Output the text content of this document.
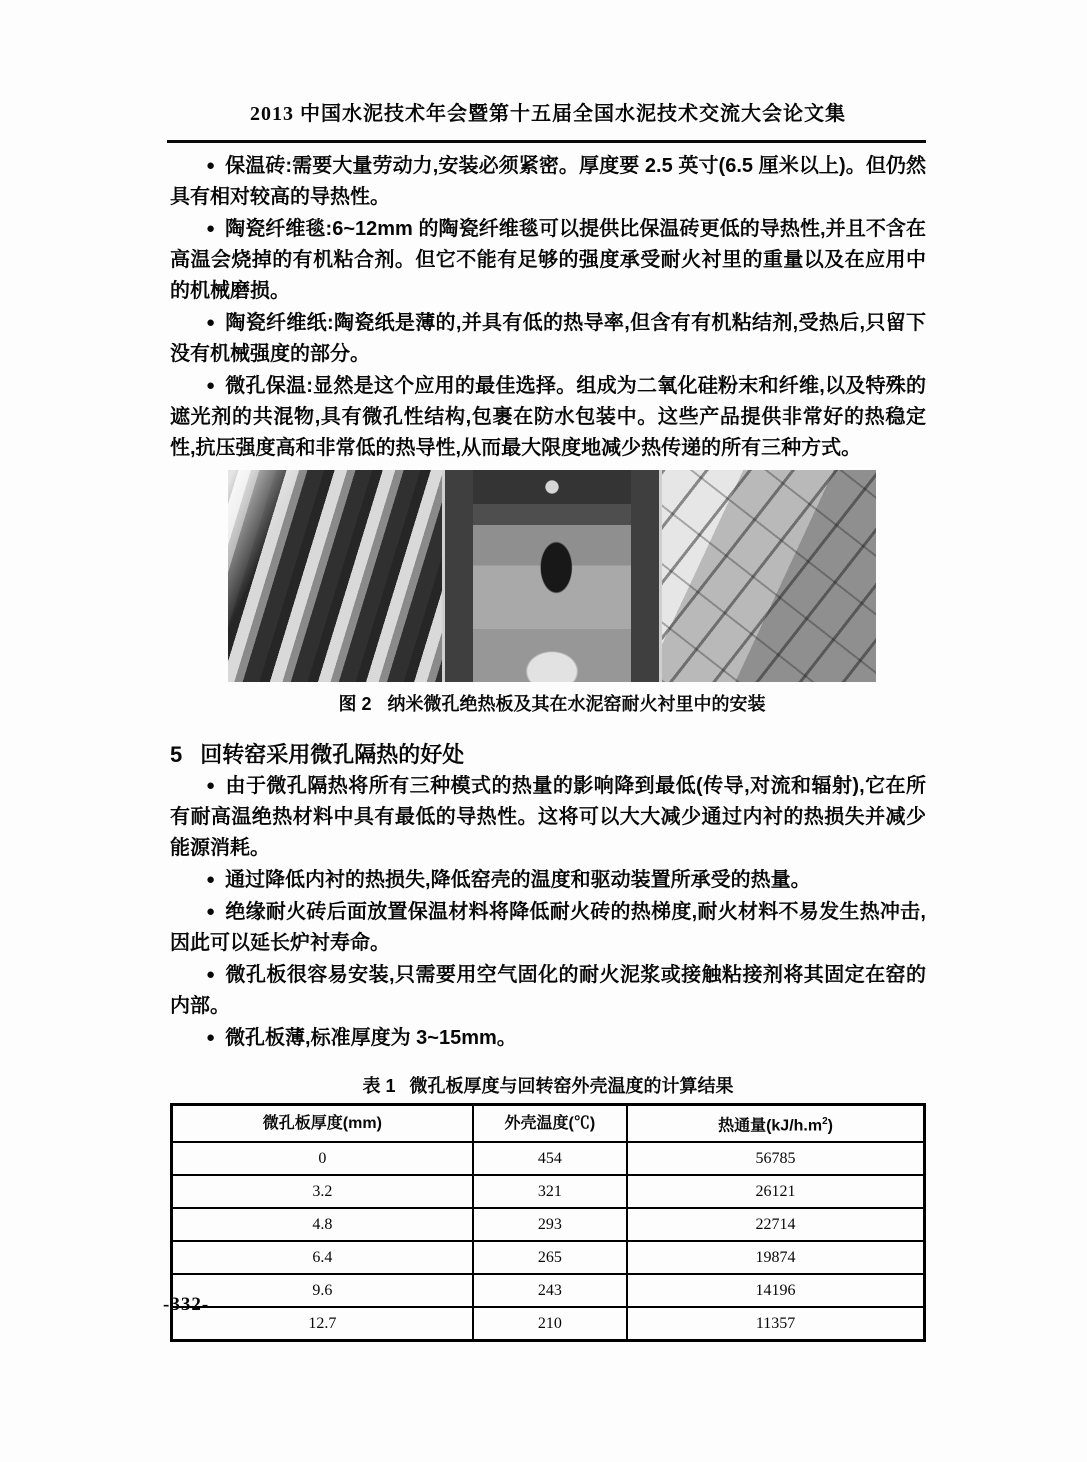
2013 中国水泥技术年会暨第十五届全国水泥技术交流大会论文集

● 保温砖:需要大量劳动力,安装必须紧密。厚度要 2.5 英寸(6.5 厘米以上)。但仍然具有相对较高的导热性。

● 陶瓷纤维毯:6~12mm 的陶瓷纤维毯可以提供比保温砖更低的导热性,并且不含在高温会烧掉的有机粘合剂。但它不能有足够的强度承受耐火衬里的重量以及在应用中的机械磨损。

● 陶瓷纤维纸:陶瓷纸是薄的,并具有低的热导率,但含有有机粘结剂,受热后,只留下没有机械强度的部分。

● 微孔保温:显然是这个应用的最佳选择。组成为二氧化硅粉末和纤维,以及特殊的遮光剂的共混物,具有微孔性结构,包裹在防水包装中。这些产品提供非常好的热稳定性,抗压强度高和非常低的热导性,从而最大限度地减少热传递的所有三种方式。

图 2 纳米微孔绝热板及其在水泥窑耐火衬里中的安装
5 回转窑采用微孔隔热的好处

● 由于微孔隔热将所有三种模式的热量的影响降到最低(传导,对流和辐射),它在所有耐高温绝热材料中具有最低的导热性。这将可以大大减少通过内衬的热损失并减少能源消耗。

● 通过降低内衬的热损失,降低窑壳的温度和驱动装置所承受的热量。

● 绝缘耐火砖后面放置保温材料将降低耐火砖的热梯度,耐火材料不易发生热冲击,因此可以延长炉衬寿命。

● 微孔板很容易安装,只需要用空气固化的耐火泥浆或接触粘接剂将其固定在窑的内部。

● 微孔板薄,标准厚度为 3~15mm。

表 1 微孔板厚度与回转窑外壳温度的计算结果
微孔板厚度(mm)	外壳温度(℃)	热通量$(kJ/h.m^2)$
0	454	56785
3.2	321	26121
4.8	293	22714
6.4	265	19874
9.6	243	14196
12.7	210	11357
-332-
